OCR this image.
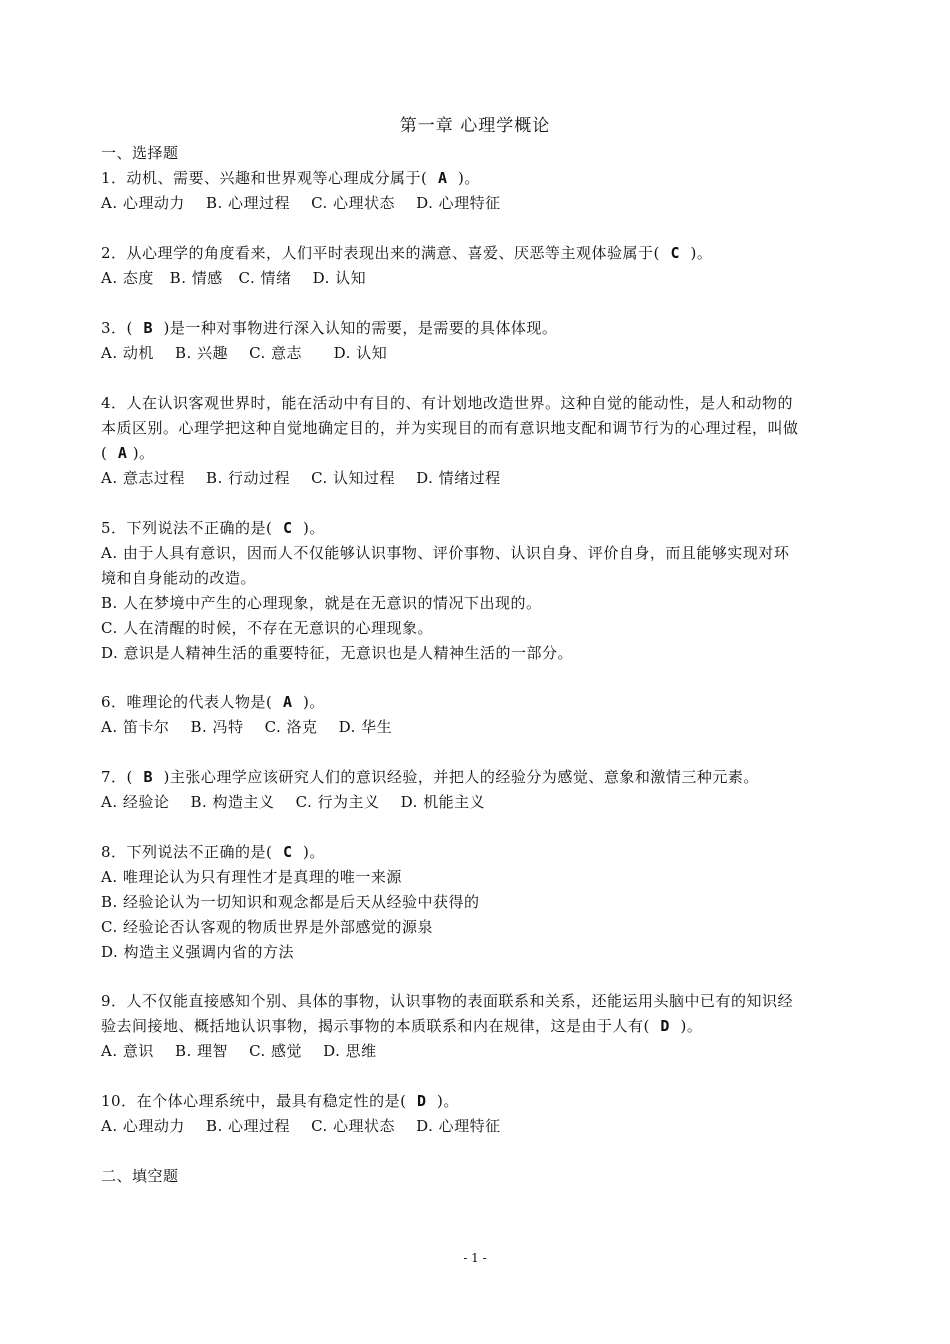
第一章 心理学概论
一、选择题
1．动机、需要、兴趣和世界观等心理成分属于(  A  )。
A. 心理动力    B. 心理过程    C. 心理状态    D. 心理特征
2．从心理学的角度看来，人们平时表现出来的满意、喜爱、厌恶等主观体验属于(  C  )。
A. 态度   B. 情感   C. 情绪    D. 认知
3．(  B  )是一种对事物进行深入认知的需要，是需要的具体体现。
A. 动机    B. 兴趣    C. 意志      D. 认知
4．人在认识客观世界时，能在活动中有目的、有计划地改造世界。这种自觉的能动性，是人和动物的
本质区别。心理学把这种自觉地确定目的，并为实现目的而有意识地支配和调节行为的心理过程，叫做
(  A )。
A. 意志过程    B. 行动过程    C. 认知过程    D. 情绪过程
5．下列说法不正确的是(  C  )。
A. 由于人具有意识，因而人不仅能够认识事物、评价事物、认识自身、评价自身，而且能够实现对环
境和自身能动的改造。
B. 人在梦境中产生的心理现象，就是在无意识的情况下出现的。
C. 人在清醒的时候，不存在无意识的心理现象。
D. 意识是人精神生活的重要特征，无意识也是人精神生活的一部分。
6．唯理论的代表人物是(  A  )。
A. 笛卡尔    B. 冯特    C. 洛克    D. 华生
7．(  B  )主张心理学应该研究人们的意识经验，并把人的经验分为感觉、意象和激情三种元素。
A. 经验论    B. 构造主义    C. 行为主义    D. 机能主义
8．下列说法不正确的是(  C  )。
A. 唯理论认为只有理性才是真理的唯一来源
B. 经验论认为一切知识和观念都是后天从经验中获得的
C. 经验论否认客观的物质世界是外部感觉的源泉
D. 构造主义强调内省的方法
9．人不仅能直接感知个别、具体的事物，认识事物的表面联系和关系，还能运用头脑中已有的知识经
验去间接地、概括地认识事物，揭示事物的本质联系和内在规律，这是由于人有(  D  )。
A. 意识    B. 理智    C. 感觉    D. 思维
10．在个体心理系统中，最具有稳定性的是(  D  )。
A. 心理动力    B. 心理过程    C. 心理状态    D. 心理特征
二、填空题
- 1 -
